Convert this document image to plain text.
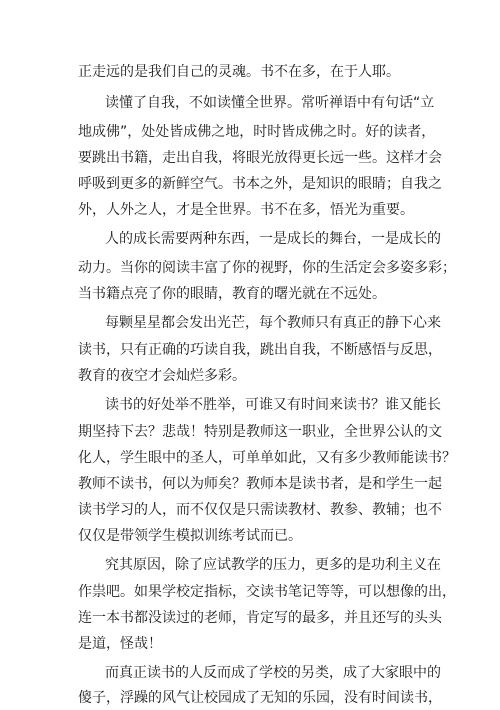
正走远的是我们自己的灵魂。书不在多，在于人耶。
读懂了自我，不如读懂全世界。常听禅语中有句话“立
地成佛”，处处皆成佛之地，时时皆成佛之时。好的读者，
要跳出书籍，走出自我，将眼光放得更长远一些。这样才会
呼吸到更多的新鲜空气。书本之外，是知识的眼睛；自我之
外，人外之人，才是全世界。书不在多，悟光为重要。
人的成长需要两种东西，一是成长的舞台，一是成长的
动力。当你的阅读丰富了你的视野，你的生活定会多姿多彩；
当书籍点亮了你的眼睛，教育的曙光就在不远处。
每颗星星都会发出光芒，每个教师只有真正的静下心来
读书，只有正确的巧读自我，跳出自我，不断感悟与反思，
教育的夜空才会灿烂多彩。
读书的好处举不胜举，可谁又有时间来读书？谁又能长
期坚持下去？悲哉！特别是教师这一职业，全世界公认的文
化人，学生眼中的圣人，可单单如此，又有多少教师能读书？
教师不读书，何以为师矣？教师本是读书者，是和学生一起
读书学习的人，而不仅仅是只需读教材、教参、教辅；也不
仅仅是带领学生模拟训练考试而已。
究其原因，除了应试教学的压力，更多的是功利主义在
作祟吧。如果学校定指标，交读书笔记等等，可以想像的出，
连一本书都没读过的老师，肯定写的最多，并且还写的头头
是道，怪哉！
而真正读书的人反而成了学校的另类，成了大家眼中的
傻子，浮躁的风气让校园成了无知的乐园，没有时间读书，
